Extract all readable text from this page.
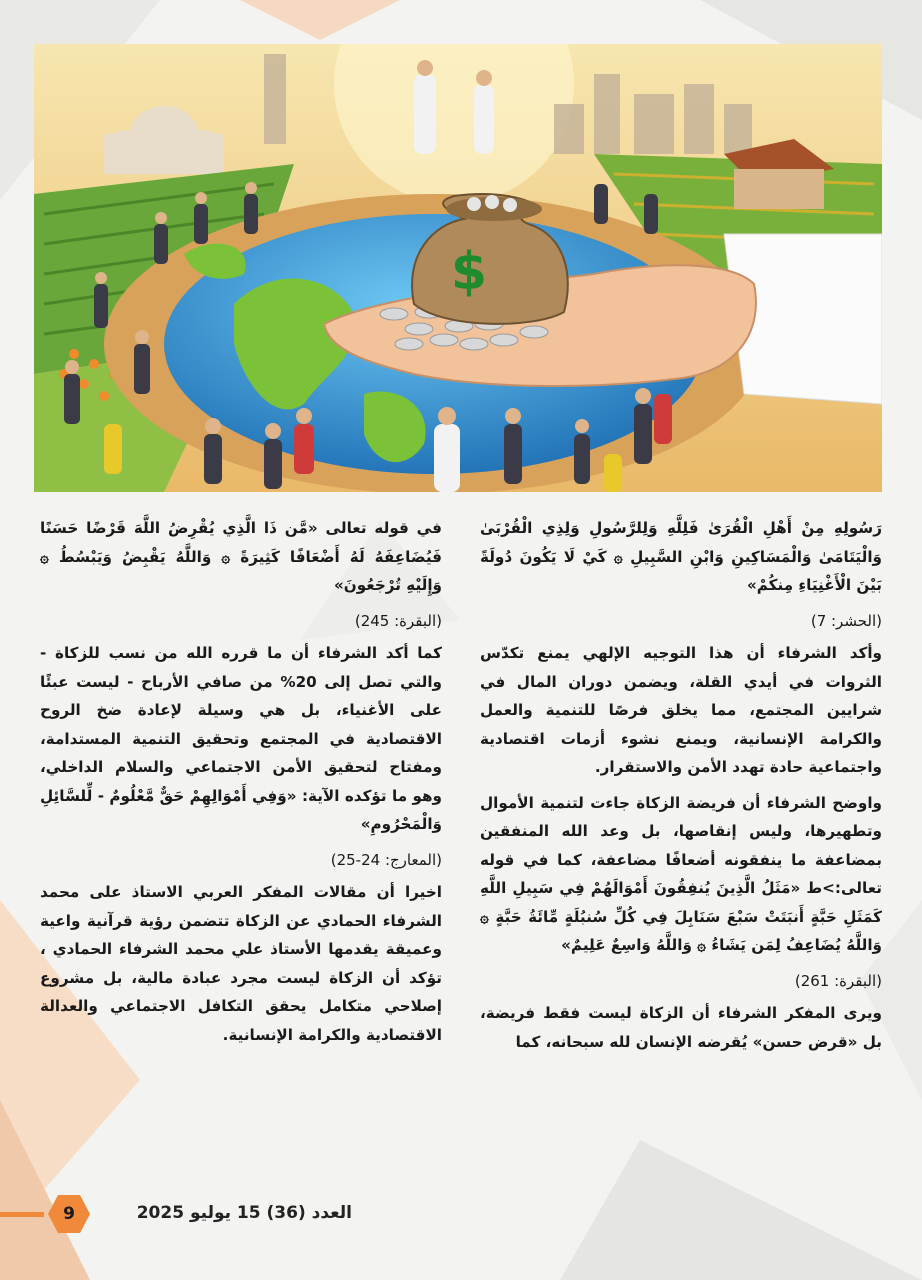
$

رَسُولِهِ مِنْ أَهْلِ الْقُرَىٰ فَلِلَّهِ وَلِلرَّسُولِ وَلِذِي الْقُرْبَىٰ وَالْيَتَامَىٰ وَالْمَسَاكِينِ وَابْنِ السَّبِيلِ ۞ كَيْ لَا يَكُونَ دُولَةً بَيْنَ الْأَغْنِيَاءِ مِنكُمْ»

(الحشر: 7)

وأكد الشرفاء أن هذا التوجيه الإلهي يمنع تكدّس الثروات في أيدي القلة، ويضمن دوران المال في شرايين المجتمع، مما يخلق فرصًا للتنمية والعمل والكرامة الإنسانية، ويمنع نشوء أزمات اقتصادية واجتماعية حادة تهدد الأمن والاستقرار.

واوضح الشرفاء أن فريضة الزكاة جاءت لتنمية الأموال وتطهيرها، وليس إنقاصها، بل وعد الله المنفقين بمضاعفة ما ينفقونه أضعافًا مضاعفة، كما في قوله تعالى:>ط «مَثَلُ الَّذِينَ يُنفِقُونَ أَمْوَالَهُمْ فِي سَبِيلِ اللَّهِ كَمَثَلِ حَبَّةٍ أَنبَتَتْ سَبْعَ سَنَابِلَ فِي كُلِّ سُنبُلَةٍ مِّائَةُ حَبَّةٍ ۞ وَاللَّهُ يُضَاعِفُ لِمَن يَشَاءُ ۞ وَاللَّهُ وَاسِعٌ عَلِيمٌ»

(البقرة: 261)

ويرى المفكر الشرفاء أن الزكاة ليست فقط فريضة، بل «قرض حسن» يُقرضه الإنسان لله سبحانه، كما

في قوله تعالى «مَّن ذَا الَّذِي يُقْرِضُ اللَّهَ قَرْضًا حَسَنًا فَيُضَاعِفَهُ لَهُ أَضْعَافًا كَثِيرَةً ۞ وَاللَّهُ يَقْبِضُ وَيَبْسُطُ ۞ وَإِلَيْهِ تُرْجَعُونَ»

(البقرة: 245)

كما أكد الشرفاء أن ما قرره الله من نسب للزكاة - والتي تصل إلى 20% من صافي الأرباح - ليست عبئًا على الأغنياء، بل هي وسيلة لإعادة ضخ الروح الاقتصادية في المجتمع وتحقيق التنمية المستدامة، ومفتاح لتحقيق الأمن الاجتماعي والسلام الداخلي، وهو ما تؤكده الآية: «وَفِي أَمْوَالِهِمْ حَقٌّ مَّعْلُومٌ - لِّلسَّائِلِ وَالْمَحْرُومِ»

(المعارج: 24-25)

اخيرا أن مقالات المفكر العربي الاستاذ على محمد الشرفاء الحمادي عن الزكاة تتضمن رؤية قرآنية واعية وعميقة يقدمها الأستاذ علي محمد الشرفاء الحمادي ، تؤكد أن الزكاة ليست مجرد عبادة مالية، بل مشروع إصلاحي متكامل يحقق التكافل الاجتماعي والعدالة الاقتصادية والكرامة الإنسانية.

9	العدد (36) 15 يوليو 2025
